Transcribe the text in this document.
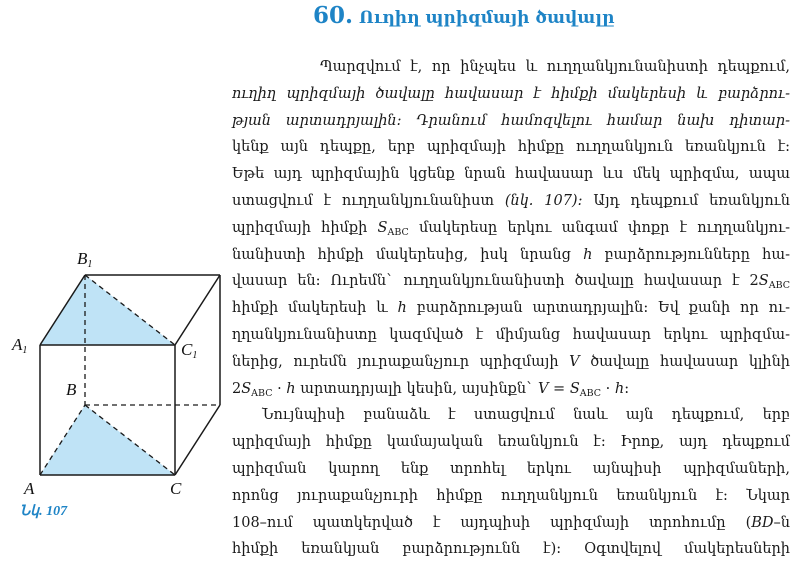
60. Ուղիղ պրիզմայի ծավալը
B1
A1	C1
B
A	C
Նկ. 107
Պարզվում է, որ ինչպես և ուղղանկյունանիստի դեպքում,
ուղիղ պրիզմայի ծավալը հավասար է հիմքի մակերեսի և բարձրու-
թյան արտադրյալին: Դրանում համոզվելու համար նախ դիտար-
կենք այն դեպքը, երբ պրիզմայի հիմքը ուղղանկյուն եռանկյուն է:
Եթե այդ պրիզմային կցենք նրան հավասար ևս մեկ պրիզմա, ապա
ստացվում է ուղղանկյունանիստ (նկ. 107): Այդ դեպքում եռանկյուն
պրիզմայի հիմքի $S_{ABC}$ մակերեսը երկու անգամ փոքր է ուղղանկյու-
նանիստի հիմքի մակերեսից, իսկ նրանց h բարձրությունները հա-
վասար են: Ուրեմն` ուղղանկյունանիստի ծավալը հավասար է $2S_{ABC}$
հիմքի մակերեսի և h բարձրության արտադրյալին: Եվ քանի որ ու-
ղղանկյունանիստը կազմված է միմյանց հավասար երկու պրիզմա-
ներից, ուրեմն յուրաքանչյուր պրիզմայի V ծավալը հավասար կլինի
$2S_{ABC} \cdot h$ արտադրյալի կեսին, այսինքն` $V = S_{ABC} \cdot h$:
Նույնպիսի բանաձև է ստացվում նաև այն դեպքում, երբ
պրիզմայի հիմքը կամայական եռանկյուն է: Իրոք, այդ դեպքում
պրիզման կարող ենք տրոհել երկու այնպիսի պրիզմաների,
որոնց յուրաքանչյուրի հիմքը ուղղանկյուն եռանկյուն է: Նկար
108–ում պատկերված է այդպիսի պրիզմայի տրոհումը (BD–ն
հիմքի եռանկյան բարձրությունն է): Օգտվելով մակերեսների
